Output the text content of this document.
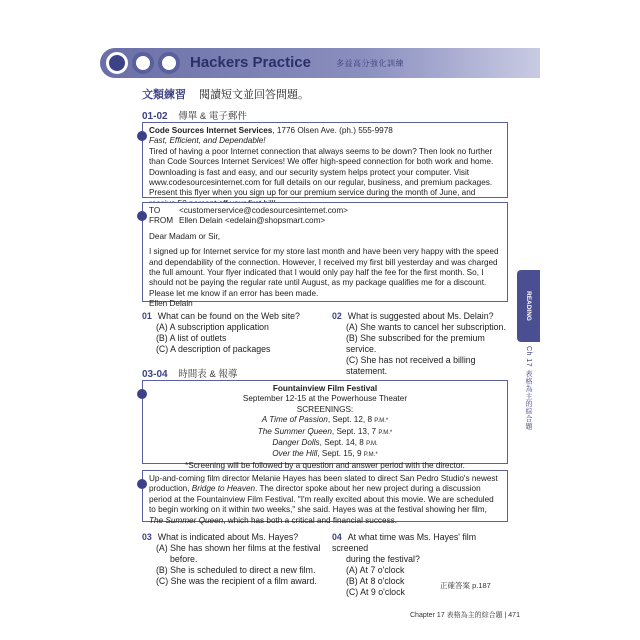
Hackers Practice	多益高分強化訓練
文類練習 閱讀短文並回答問題。
01-02 傳單 & 電子郵件
Code Sources Internet Services, 1776 Olsen Ave. (ph.) 555-9978
Fast, Efficient, and Dependable!
Tired of having a poor Internet connection that always seems to be down? Then look no further than Code Sources Internet Services! We offer high-speed connection for both work and home. Downloading is fast and easy, and our security system helps protect your computer. Visit www.codesourcesinternet.com for full details on our regular, business, and premium packages. Present this flyer when you sign up for our premium service during the month of June, and
TO <customerservice@codesourcesinternet.com>
FROM Ellen Delain <edelain@shopsmart.com>
Dear Madam or Sir,
I signed up for Internet service for my store last month and have been very happy with the speed and dependability of the connection. However, I received my first bill yesterday and was charged the full amount. Your flyer indicated that I would only pay half the fee for the first month. So, I should not be paying the regular rate until August, as my package qualifies me for a discount. Please let me know if an error has been made.
Ellen Delain
01 What can be found on the Web site?
(A) A subscription application
(B) A list of outlets
(C) A description of packages
02 What is suggested about Ms. Delain?
(A) She wants to cancel her subscription.
(B) She subscribed for the premium service.
(C) She has not received a billing statement.
03-04 時間表 & 報導
Fountainview Film Festival
September 12-15 at the Powerhouse Theater
SCREENINGS:
A Time of Passion, Sept. 12, 8 P.M.*
The Summer Queen, Sept. 13, 7 P.M.*
Danger Dolls, Sept. 14, 8 P.M.
Over the Hill, Sept. 15, 9 P.M.*
*Screening will be followed by a question and answer period with the director.
Up-and-coming film director Melanie Hayes has been slated to direct San Pedro Studio's newest production, Bridge to Heaven. The director spoke about her new project during a discussion period at the Fountainview Film Festival. "I'm really excited about this movie. We are scheduled to begin working on it within two weeks," she said. Hayes was at the festival showing her film, The Summer Queen, which has both a critical and financial success.
03 What is indicated about Ms. Hayes?
(A) She has shown her films at the festival
before.
(B) She is scheduled to direct a new film.
(C) She was the recipient of a film award.
04 At what time was Ms. Hayes' film screened
during the festival?
(A) At 7 o'clock
(B) At 8 o'clock
(C) At 9 o'clock
正確答案 p.187
READING
Ch 17 表格為主的綜合題
Chapter 17 表格為主的綜合題 | 471
